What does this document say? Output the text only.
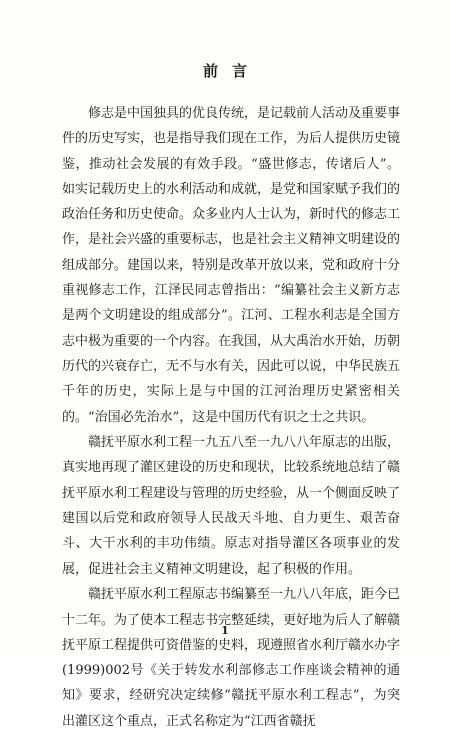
前言

修志是中国独具的优良传统，是记载前人活动及重要事件的历史写实，也是指导我们现在工作，为后人提供历史镜鉴，推动社会发展的有效手段。“盛世修志，传诸后人”。如实记载历史上的水利活动和成就，是党和国家赋予我们的政治任务和历史使命。众多业内人士认为，新时代的修志工作，是社会兴盛的重要标志，也是社会主义精神文明建设的组成部分。建国以来，特别是改革开放以来，党和政府十分重视修志工作，江泽民同志曾指出：“编纂社会主义新方志是两个文明建设的组成部分”。江河、工程水利志是全国方志中极为重要的一个内容。在我国，从大禹治水开始，历朝历代的兴衰存亡，无不与水有关，因此可以说，中华民族五千年的历史，实际上是与中国的江河治理历史紧密相关的。“治国必先治水”，这是中国历代有识之士之共识。

赣抚平原水利工程一九五八至一九八八年原志的出版，真实地再现了灌区建设的历史和现状，比较系统地总结了赣抚平原水利工程建设与管理的历史经验，从一个侧面反映了建国以后党和政府领导人民战天斗地、自力更生、艰苦奋斗、大干水利的丰功伟绩。原志对指导灌区各项事业的发展，促进社会主义精神文明建设，起了积极的作用。

赣抚平原水利工程原志书编纂至一九八八年底，距今已十二年。为了使本工程志书完整延续，更好地为后人了解赣抚平原工程提供可资借鉴的史料，现遵照省水利厅赣水办字(1999)002号《关于转发水利部修志工作座谈会精神的通知》要求，经研究决定续修“赣抚平原水利工程志”，为突出灌区这个重点，正式名称定为“江西省赣抚

1
